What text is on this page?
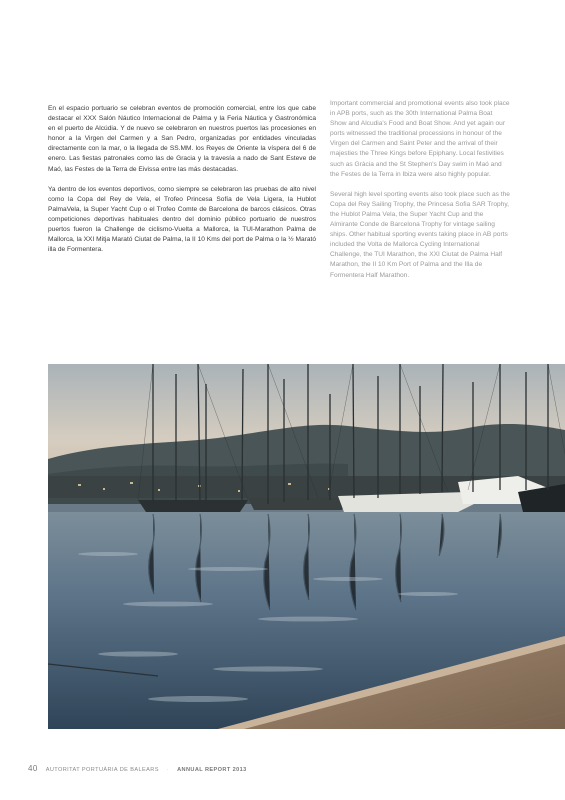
En el espacio portuario se celebran eventos de promoción comercial, entre los que cabe destacar el XXX Salón Náutico Internacional de Palma y la Feria Náutica y Gastronómica en el puerto de Alcúdia. Y de nuevo se celebraron en nuestros puertos las procesiones en honor a la Virgen del Carmen y a San Pedro, organizadas por entidades vinculadas directamente con la mar, o la llegada de SS.MM. los Reyes de Oriente la víspera del 6 de enero. Las fiestas patronales como las de Gracia y la travesía a nado de Sant Esteve de Maó, las Festes de la Terra de Eivissa entre las más destacadas.

Ya dentro de los eventos deportivos, como siempre se celebraron las pruebas de alto nivel como la Copa del Rey de Vela, el Trofeo Princesa Sofía de Vela Ligera, la Hublot PalmaVela, la Super Yacht Cup o el Trofeo Comte de Barcelona de barcos clásicos. Otras competiciones deportivas habituales dentro del dominio público portuario de nuestros puertos fueron la Challenge de ciclismo-Vuelta a Mallorca, la TUI-Marathon Palma de Mallorca, la XXI Mitja Marató Ciutat de Palma, la II 10 Kms del port de Palma o la ½ Marató illa de Formentera.

Important commercial and promotional events also took place in APB ports, such as the 30th International Palma Boat Show and Alcudia's Food and Boat Show. And yet again our ports witnessed the traditional processions in honour of the Virgen del Carmen and Saint Peter and the arrival of their majesties the Three Kings before Epiphany. Local festivities such as Gràcia and the St Stephen's Day swim in Maó and the Festes de la Terra in Ibiza were also highly popular.

Several high level sporting events also took place such as the Copa del Rey Sailing Trophy, the Princesa Sofia SAR Trophy, the Hublot Palma Vela, the Super Yacht Cup and the Almirante Conde de Barcelona Trophy for vintage sailing ships. Other habitual sporting events taking place in AB ports included the Volta de Mallorca Cycling International Challenge, the TUI Marathon, the XXI Ciutat de Palma Half Marathon, the II 10 Km Port of Palma and the Illa de Formentera Half Marathon.

40 AUTORITAT PORTUÀRIA DE BALEARS · ANNUAL REPORT 2013
